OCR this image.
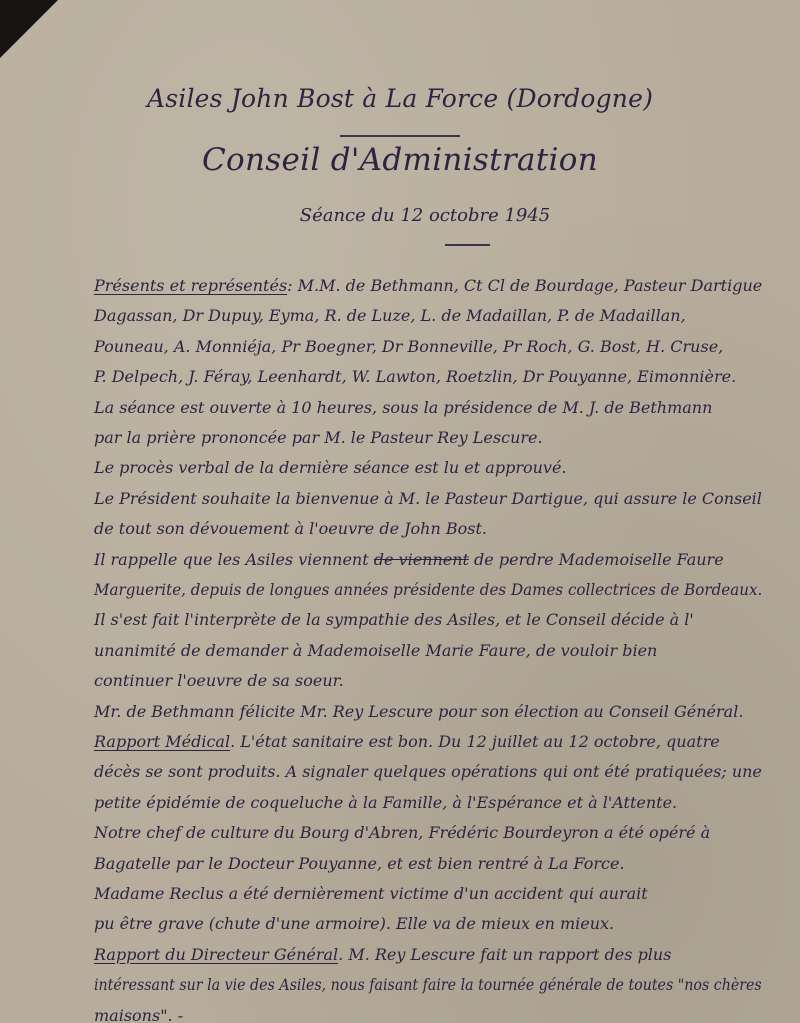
Asiles John Bost à La Force (Dordogne)
Conseil d'Administration
Séance du 12 octobre 1945
Présents et représentés: M.M. de Bethmann, Ct Cl de Bourdage, Pasteur Dartigue
Dagassan, Dr Dupuy, Eyma, R. de Luze, L. de Madaillan, P. de Madaillan,
Pouneau, A. Monniéja, Pr Boegner, Dr Bonneville, Pr Roch, G. Bost, H. Cruse,
P. Delpech, J. Féray, Leenhardt, W. Lawton, Roetzlin, Dr Pouyanne, Eimonnière.
La séance est ouverte à 10 heures, sous la présidence de M. J. de Bethmann
par la prière prononcée par M. le Pasteur Rey Lescure.
Le procès verbal de la dernière séance est lu et approuvé.
Le Président souhaite la bienvenue à M. le Pasteur Dartigue, qui assure le Conseil
de tout son dévouement à l'oeuvre de John Bost.
Il rappelle que les Asiles viennent de viennent de perdre Mademoiselle Faure
Marguerite, depuis de longues années présidente des Dames collectrices de Bordeaux.
Il s'est fait l'interprète de la sympathie des Asiles, et le Conseil décide à l'
unanimité de demander à Mademoiselle Marie Faure, de vouloir bien
continuer l'oeuvre de sa soeur.
Mr. de Bethmann félicite Mr. Rey Lescure pour son élection au Conseil Général.
Rapport Médical. L'état sanitaire est bon. Du 12 juillet au 12 octobre, quatre
décès se sont produits. A signaler quelques opérations qui ont été pratiquées; une
petite épidémie de coqueluche à la Famille, à l'Espérance et à l'Attente.
Notre chef de culture du Bourg d'Abren, Frédéric Bourdeyron a été opéré à
Bagatelle par le Docteur Pouyanne, et est bien rentré à La Force.
Madame Reclus a été dernièrement victime d'un accident qui aurait
pu être grave (chute d'une armoire). Elle va de mieux en mieux.
Rapport du Directeur Général. M. Rey Lescure fait un rapport des plus
intéressant sur la vie des Asiles, nous faisant faire la tournée générale de toutes "nos chères
maisons". -
